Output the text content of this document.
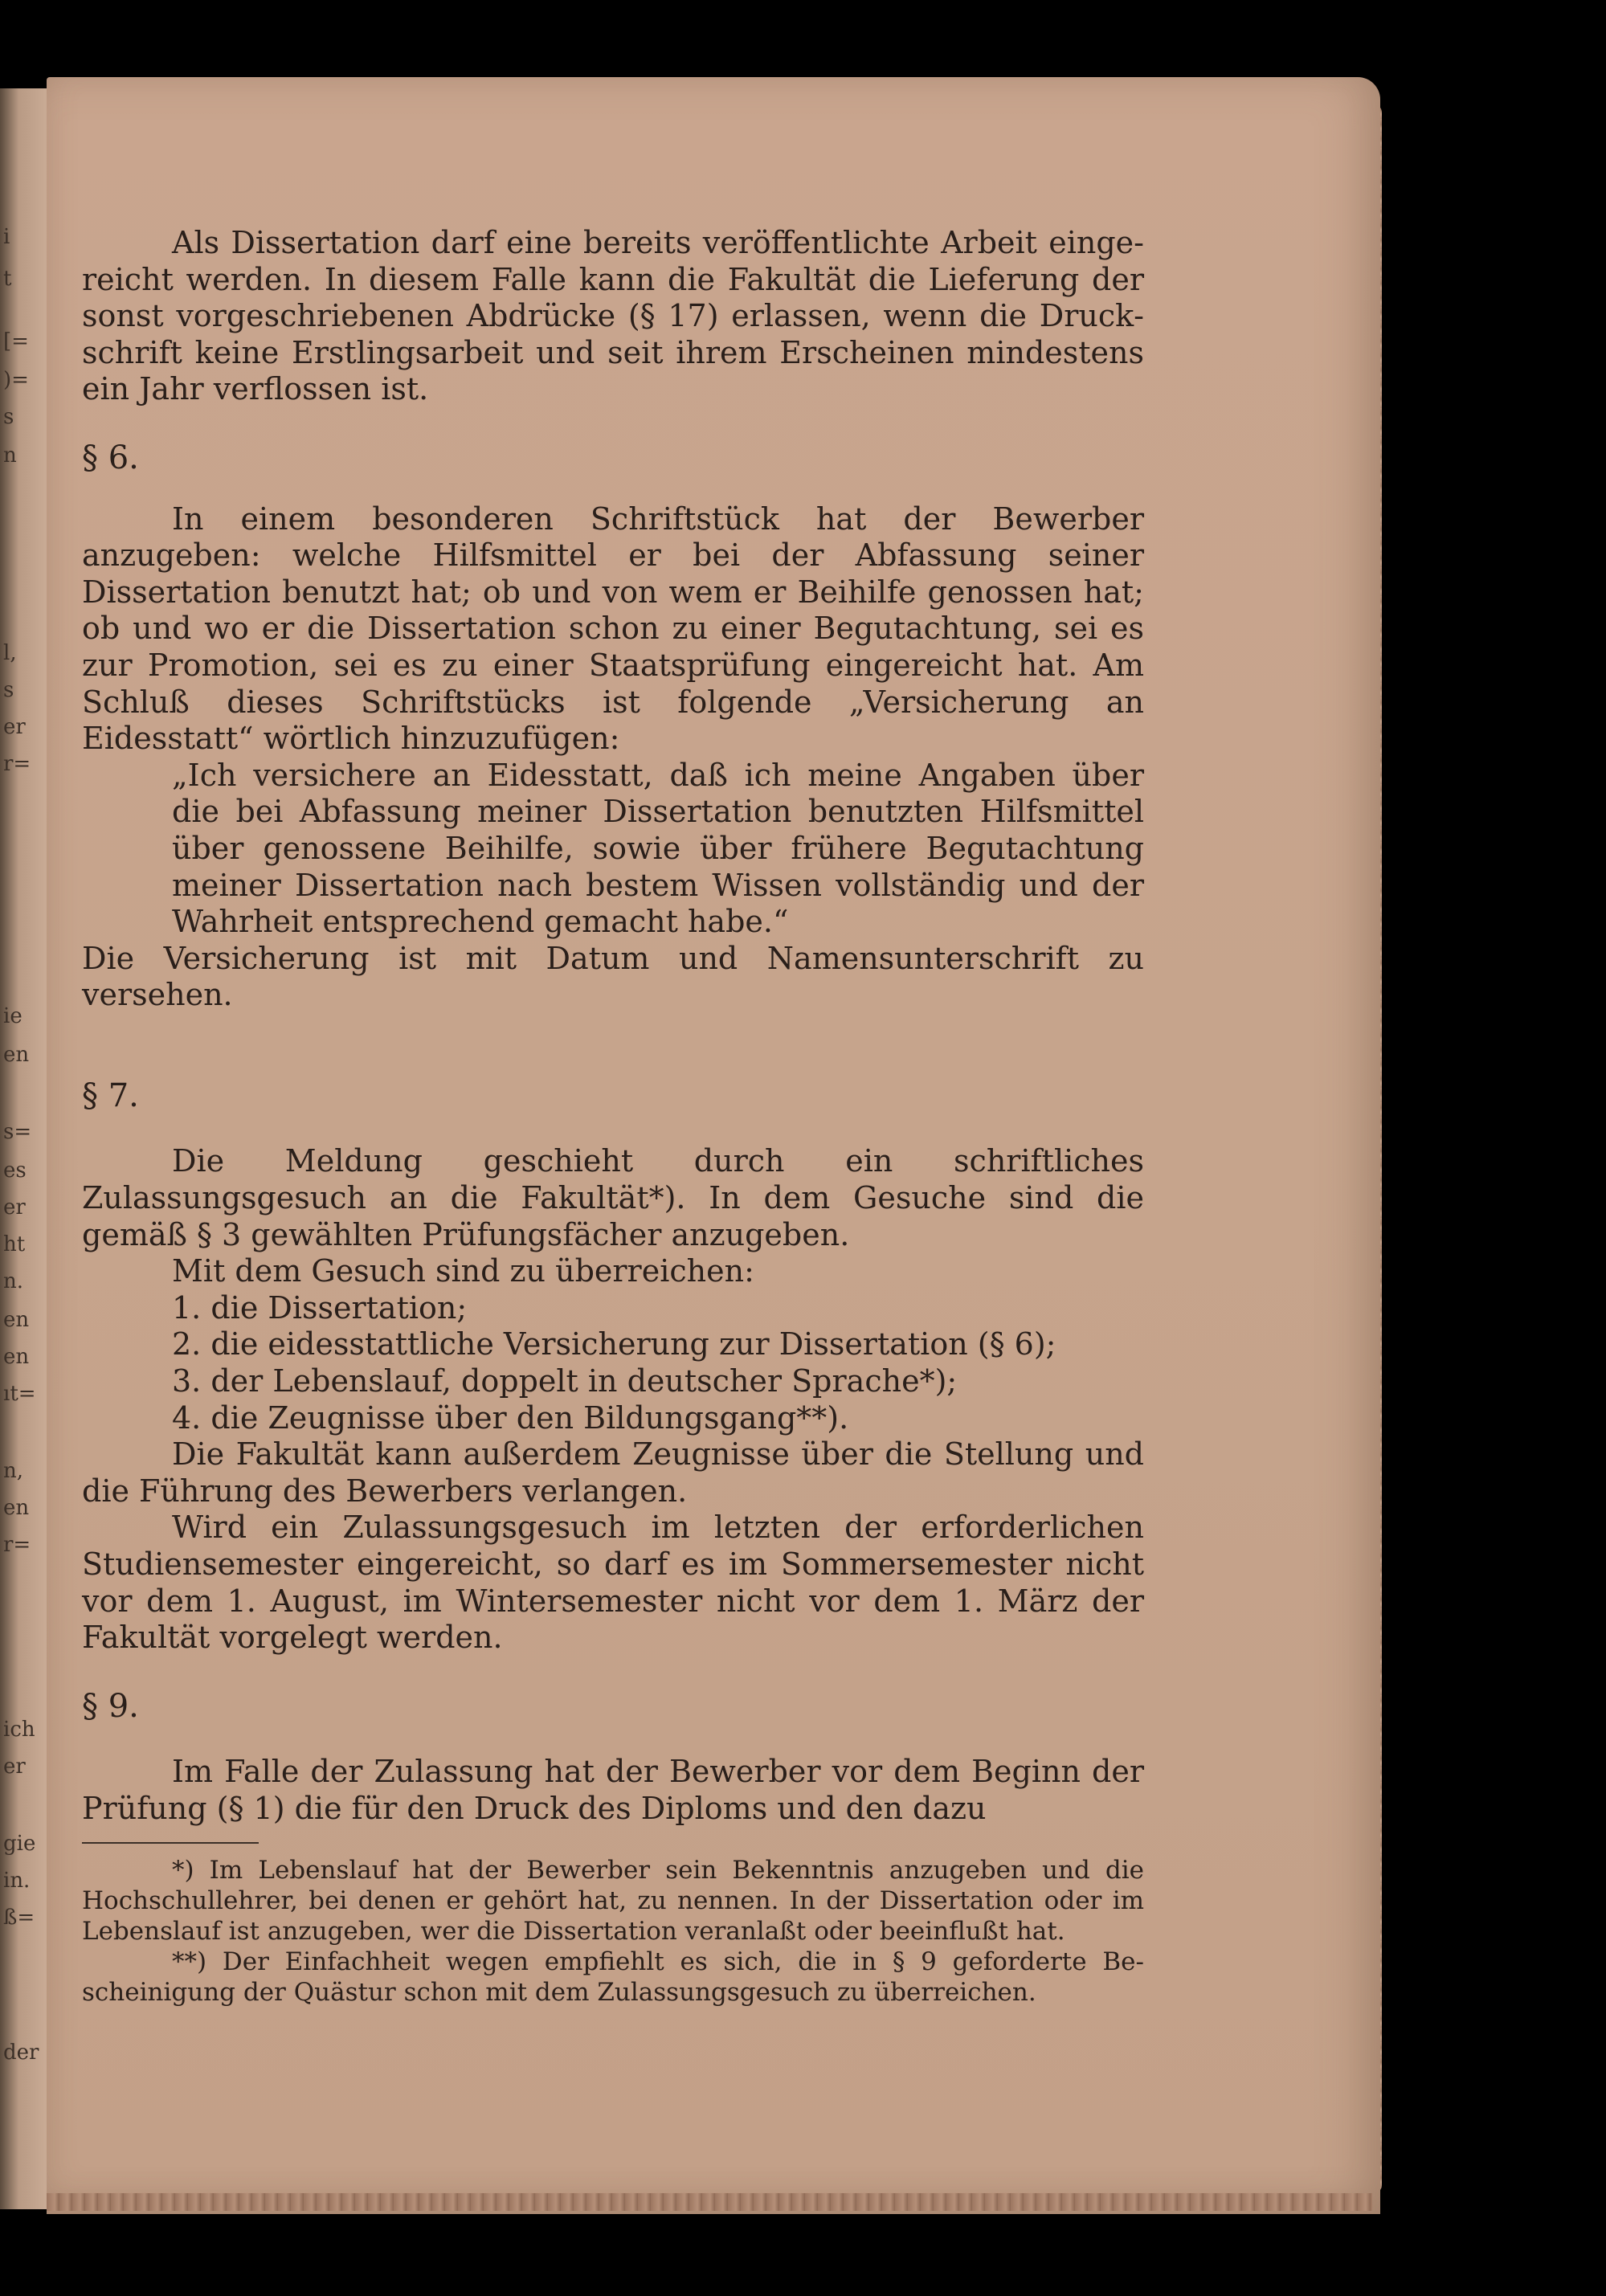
i
t
[=
)=
s
n
l,
s
er
r=
ie
en
s=
es
er
ht
n.
en
en
ıt=
n,
en
r=
ich
er
gie
in.
ß=
der

Als Dissertation darf eine bereits veröffentlichte Arbeit eingereicht werden. In diesem Falle kann die Fakultät die Lieferung der sonst vorgeschriebenen Abdrücke (§ 17) erlassen, wenn die Druckschrift keine Erstlingsarbeit und seit ihrem Erscheinen mindestens ein Jahr verflossen ist.

§ 6.

In einem besonderen Schriftstück hat der Bewerber anzugeben: welche Hilfsmittel er bei der Abfassung seiner Dissertation benutzt hat; ob und von wem er Beihilfe genossen hat; ob und wo er die Dissertation schon zu einer Begutachtung, sei es zur Promotion, sei es zu einer Staatsprüfung eingereicht hat. Am Schluß dieses Schriftstücks ist folgende „Versicherung an Eidesstatt“ wörtlich hinzuzufügen:

„Ich versichere an Eidesstatt, daß ich meine Angaben über die bei Abfassung meiner Dissertation benutzten Hilfsmittel über genossene Beihilfe, sowie über frühere Begutachtung meiner Dissertation nach bestem Wissen vollständig und der Wahrheit entsprechend gemacht habe.“

Die Versicherung ist mit Datum und Namensunterschrift zu versehen.

§ 7.

Die Meldung geschieht durch ein schriftliches Zulassungsgesuch an die Fakultät*). In dem Gesuche sind die gemäß § 3 gewählten Prüfungsfächer anzugeben.

Mit dem Gesuch sind zu überreichen:

1. die Dissertation;

2. die eidesstattliche Versicherung zur Dissertation (§ 6);

3. der Lebenslauf, doppelt in deutscher Sprache*);

4. die Zeugnisse über den Bildungsgang**).

Die Fakultät kann außerdem Zeugnisse über die Stellung und die Führung des Bewerbers verlangen.

Wird ein Zulassungsgesuch im letzten der erforderlichen Studiensemester eingereicht, so darf es im Sommersemester nicht vor dem 1. August, im Wintersemester nicht vor dem 1. März der Fakultät vorgelegt werden.

§ 9.

Im Falle der Zulassung hat der Bewerber vor dem Beginn der Prüfung (§ 1) die für den Druck des Diploms und den dazu

*) Im Lebenslauf hat der Bewerber sein Bekenntnis anzugeben und die Hochschullehrer, bei denen er gehört hat, zu nennen. In der Dissertation oder im Lebenslauf ist anzugeben, wer die Dissertation veranlaßt oder beeinflußt hat.

**) Der Einfachheit wegen empfiehlt es sich, die in § 9 geforderte Bescheinigung der Quästur schon mit dem Zulassungsgesuch zu überreichen.
